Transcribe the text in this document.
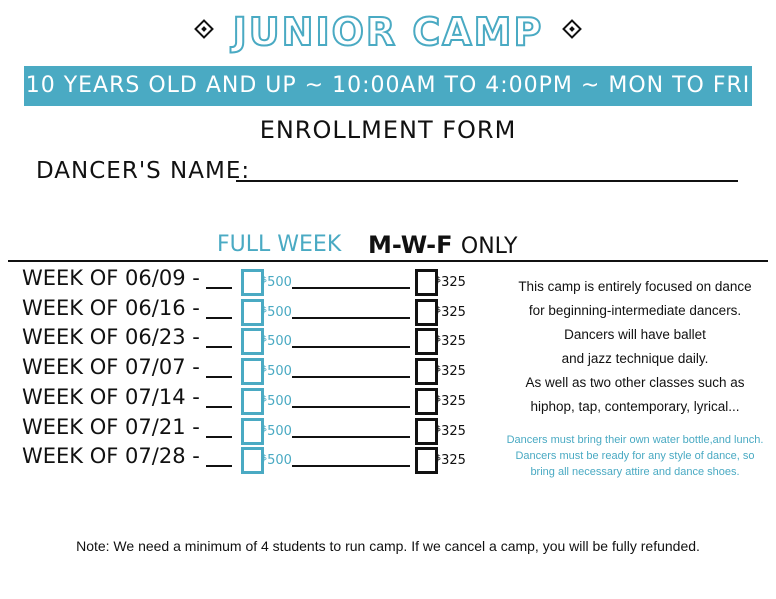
JUNIOR CAMP
10 YEARS OLD AND UP ~ 10:00AM TO 4:00PM ~ MON TO FRI
ENROLLMENT FORM
DANCER'S NAME:
FULL WEEK M-W-F ONLY
WEEK OF 06/09 -	$500	$325
WEEK OF 06/16 -	$500	$325
WEEK OF 06/23 -	$500	$325
WEEK OF 07/07 -	$500	$325
WEEK OF 07/14 -	$500	$325
WEEK OF 07/21 -	$500	$325
WEEK OF 07/28 -	$500	$325

This camp is entirely focused on dance

for beginning-intermediate dancers.

Dancers will have ballet

and jazz technique daily.

As well as two other classes such as

hiphop, tap, contemporary, lyrical...

Dancers must bring their own water bottle,and lunch.

Dancers must be ready for any style of dance, so

bring all necessary attire and dance shoes.

Note: We need a minimum of 4 students to run camp. If we cancel a camp, you will be fully refunded.
